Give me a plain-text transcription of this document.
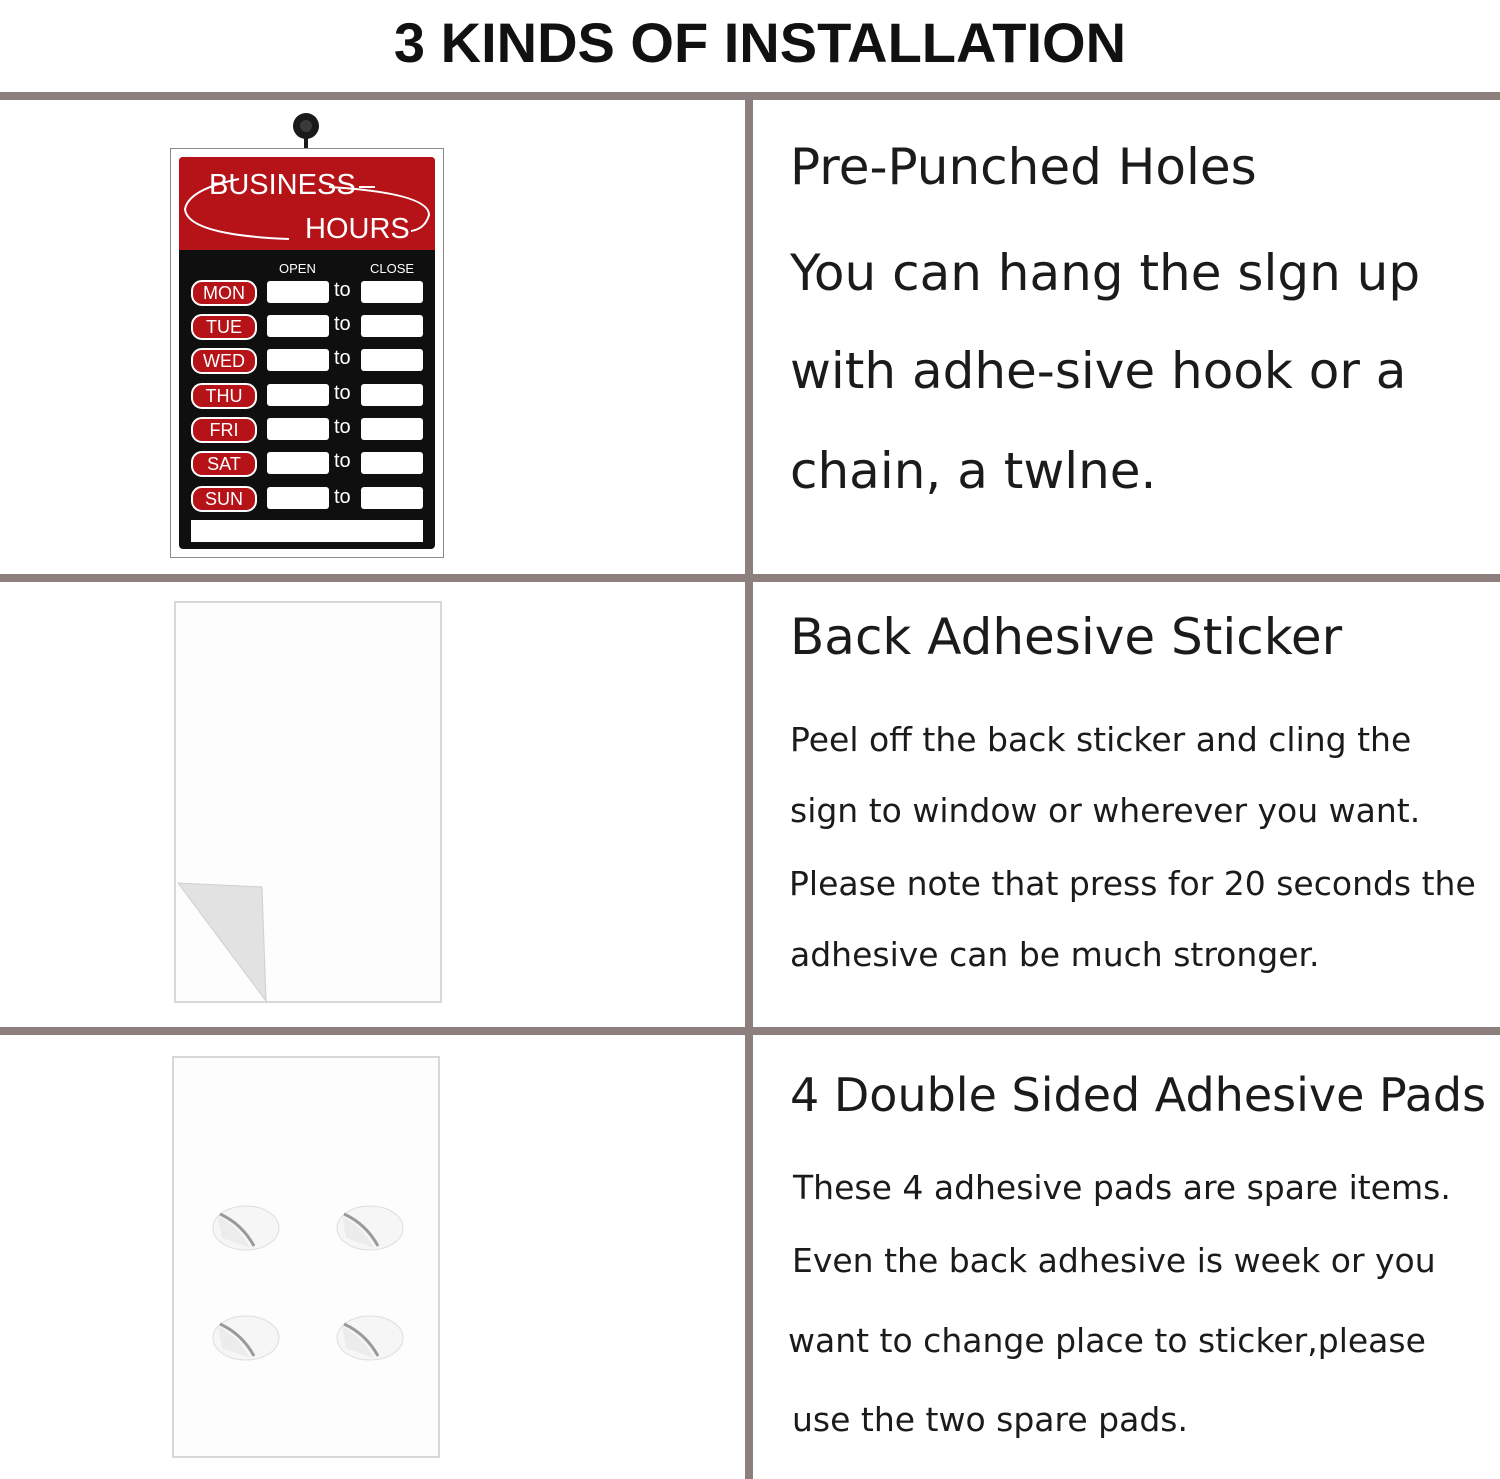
3 KINDS OF INSTALLATION
BUSINESS
HOURS
OPEN	CLOSE
MON	to
TUE	to
WED	to
THU	to
FRI	to
SAT	to
SUN	to
Pre-Punched Holes
You can hang the slgn up
with adhe-sive hook or a
chain, a twlne.
Back Adhesive Sticker
Peel off the back sticker and cling the
sign to window or wherever you want.
Please note that press for 20 seconds the
adhesive can be much stronger.
4 Double Sided Adhesive Pads
These 4 adhesive pads are spare items.
Even the back adhesive is week or you
want to change place to sticker,please
use the two spare pads.
